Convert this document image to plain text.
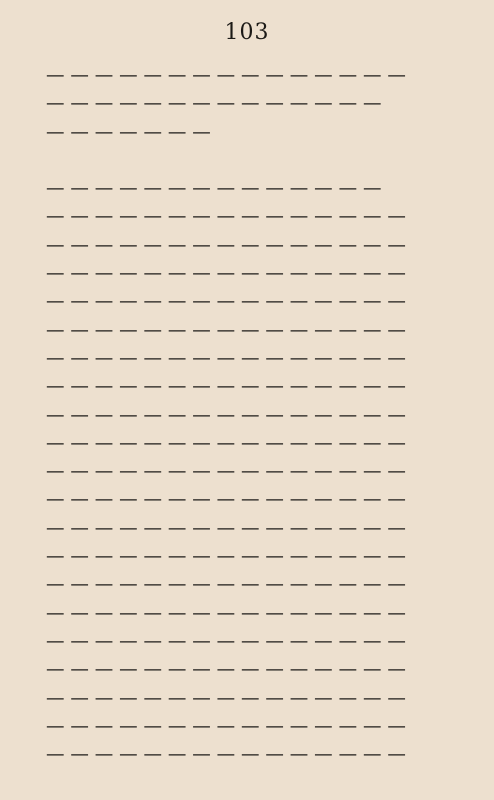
103
— — — — — — — — — — — — — — —
— — — — — — — — — — — — — —
— — — — — — —
— — — — — — — — — — — — — —
— — — — — — — — — — — — — — —
— — — — — — — — — — — — — — —
— — — — — — — — — — — — — — —
— — — — — — — — — — — — — — —
— — — — — — — — — — — — — — —
— — — — — — — — — — — — — — —
— — — — — — — — — — — — — — —
— — — — — — — — — — — — — — —
— — — — — — — — — — — — — — —
— — — — — — — — — — — — — — —
— — — — — — — — — — — — — — —
— — — — — — — — — — — — — — —
— — — — — — — — — — — — — — —
— — — — — — — — — — — — — — —
— — — — — — — — — — — — — — —
— — — — — — — — — — — — — — —
— — — — — — — — — — — — — — —
— — — — — — — — — — — — — — —
— — — — — — — — — — — — — — —
— — — — — — — — — — — — — — —
